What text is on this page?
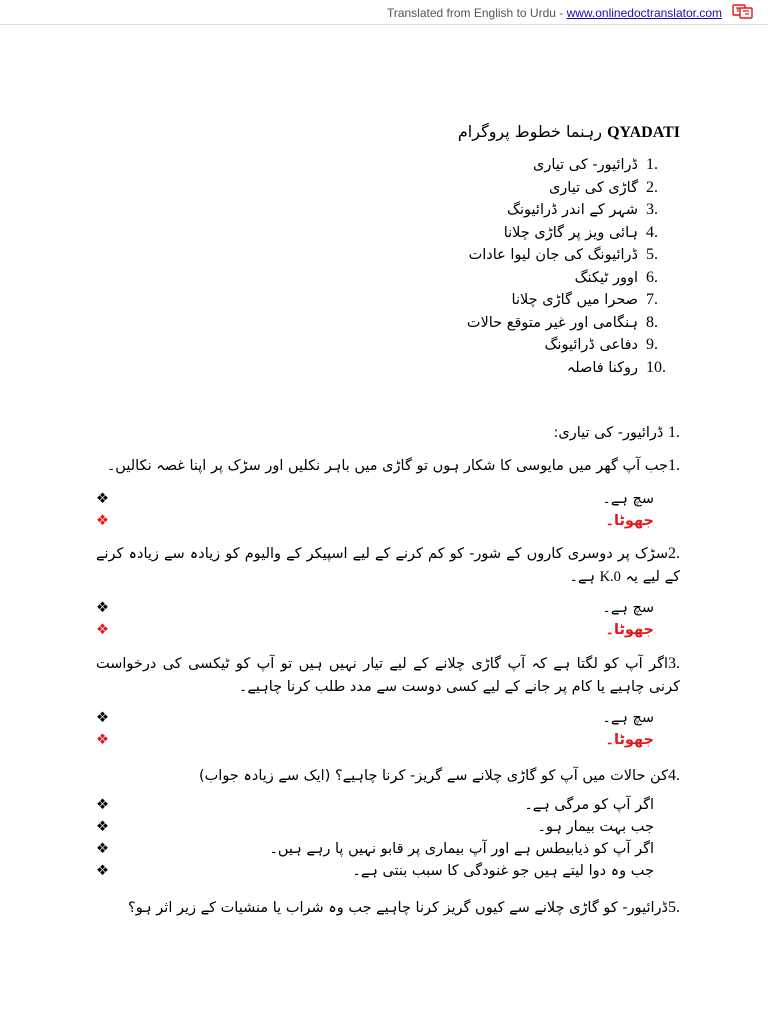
Translated from English to Urdu - www.onlinedoctranslator.com
QYADATI رہنما خطوط پروگرام
1.
ڈرائیور- کی تیاری
2.
گاڑی کی تیاری
3.
شہر کے اندر ڈرائیونگ
4.
ہائی ویز پر گاڑی چلانا
5.
ڈرائیونگ کی جان لیوا عادات
6.
اوور ٹیکنگ
7.
صحرا میں گاڑی چلانا
8.
ہنگامی اور غیر متوقع حالات
9.
دفاعی ڈرائیونگ
10.
روکنا فاصلہ
1. ڈرائیور- کی تیاری:
1.جب آپ گھر میں مایوسی کا شکار ہوں تو گاڑی میں باہر نکلیں اور سڑک پر اپنا غصہ نکالیں۔
سچ ہے۔
❖
جھوٹا۔
❖
2.سڑک پر دوسری کاروں کے شور- کو کم کرنے کے لیے اسپیکر کے والیوم کو زیادہ سے زیادہ کرنے کے لیے یہ K.0 ہے۔
سچ ہے۔
❖
جھوٹا۔
❖
3.اگر آپ کو لگتا ہے کہ آپ گاڑی چلانے کے لیے تیار نہیں ہیں تو آپ کو ٹیکسی کی درخواست کرنی چاہیے یا کام پر جانے کے لیے کسی دوست سے مدد طلب کرنا چاہیے۔
سچ ہے۔
❖
جھوٹا۔
❖
4.کن حالات میں آپ کو گاڑی چلانے سے گریز- کرنا چاہیے؟ (ایک سے زیادہ جواب)
اگر آپ کو مرگی ہے۔
❖
جب بہت بیمار ہو۔
❖
اگر آپ کو ذیابیطس ہے اور آپ بیماری پر قابو نہیں پا رہے ہیں۔
❖
جب وہ دوا لیتے ہیں جو غنودگی کا سبب بنتی ہے۔
❖
5.ڈرائیور- کو گاڑی چلانے سے کیوں گریز کرنا چاہیے جب وہ شراب یا منشیات کے زیر اثر ہو؟
